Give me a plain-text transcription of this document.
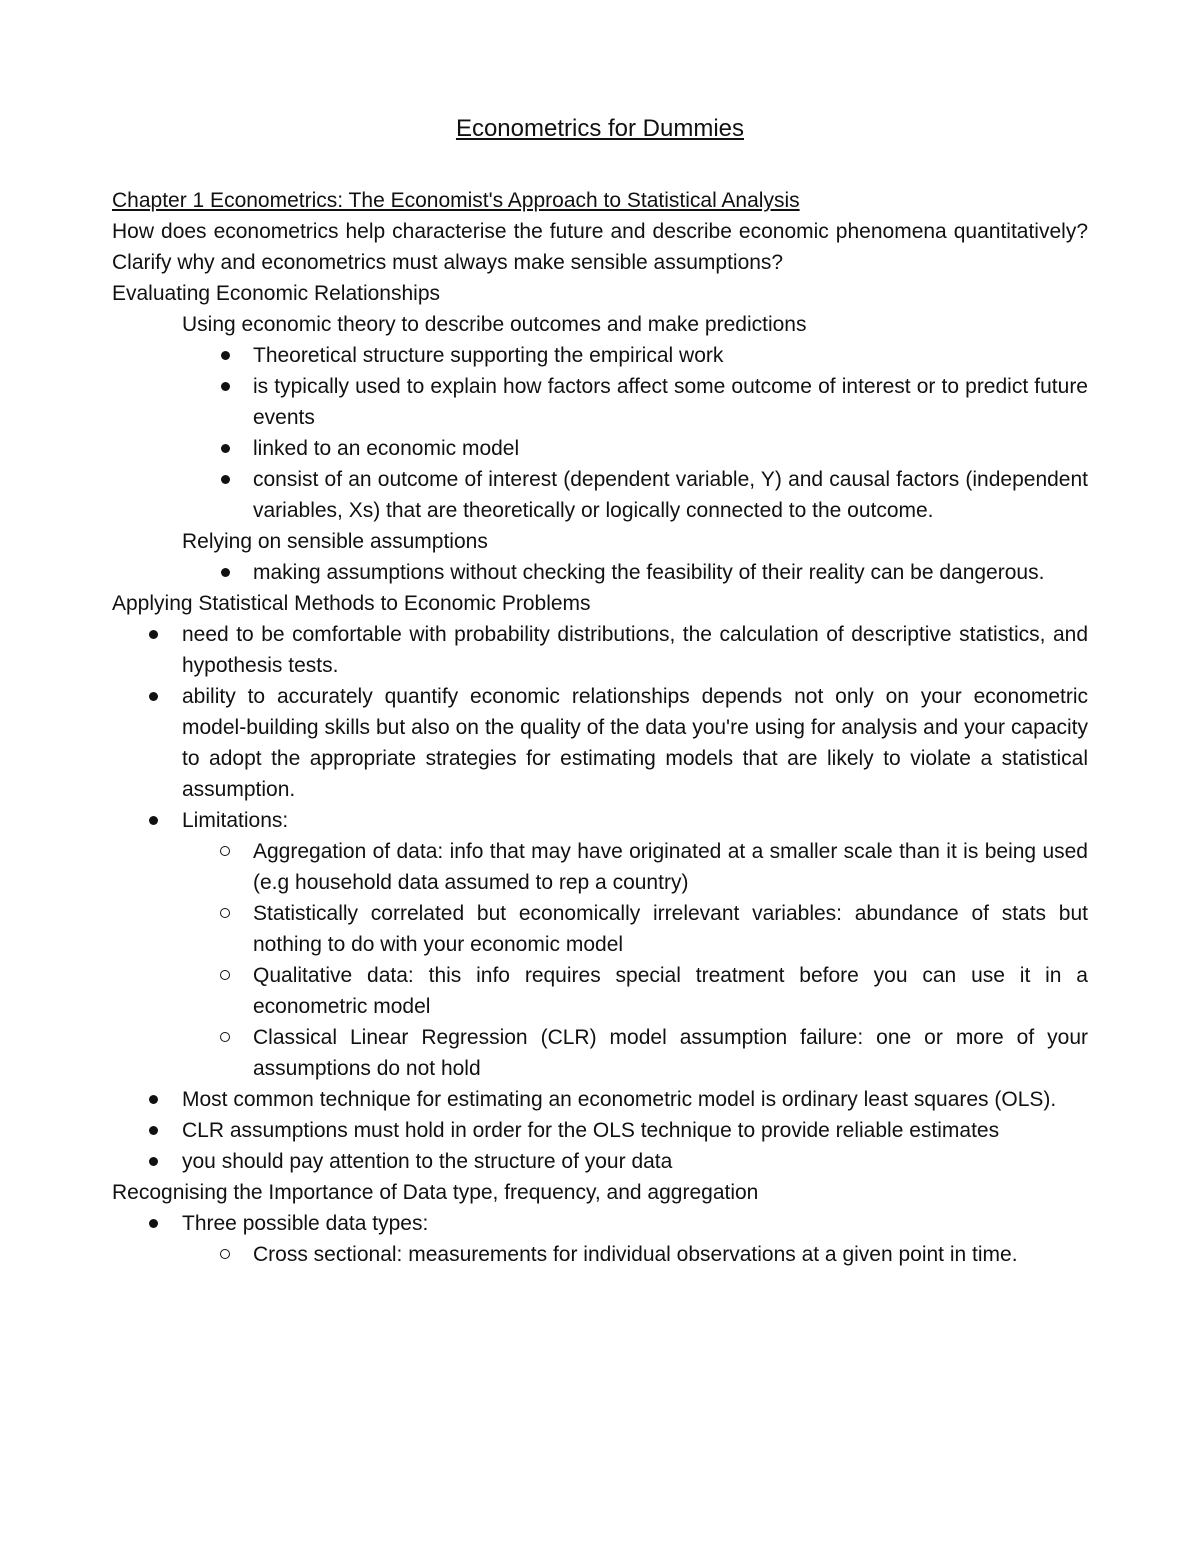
Econometrics for Dummies

Chapter 1 Econometrics: The Economist's Approach to Statistical Analysis

How does econometrics help characterise the future and describe economic phenomena quantitatively? Clarify why and econometrics must always make sensible assumptions?

Evaluating Economic Relationships

Using economic theory to describe outcomes and make predictions

Theoretical structure supporting the empirical work
is typically used to explain how factors affect some outcome of interest or to predict future events
linked to an economic model
consist of an outcome of interest (dependent variable, Y) and causal factors (independent variables, Xs) that are theoretically or logically connected to the outcome.

Relying on sensible assumptions

making assumptions without checking the feasibility of their reality can be dangerous.

Applying Statistical Methods to Economic Problems

need to be comfortable with probability distributions, the calculation of descriptive statistics, and hypothesis tests.
ability to accurately quantify economic relationships depends not only on your econometric model-building skills but also on the quality of the data you're using for analysis and your capacity to adopt the appropriate strategies for estimating models that are likely to violate a statistical assumption.
Limitations:
Aggregation of data: info that may have originated at a smaller scale than it is being used (e.g household data assumed to rep a country)
Statistically correlated but economically irrelevant variables: abundance of stats but nothing to do with your economic model
Qualitative data: this info requires special treatment before you can use it in a econometric model
Classical Linear Regression (CLR) model assumption failure: one or more of your assumptions do not hold
Most common technique for estimating an econometric model is ordinary least squares (OLS).
CLR assumptions must hold in order for the OLS technique to provide reliable estimates
you should pay attention to the structure of your data

Recognising the Importance of Data type, frequency, and aggregation

Three possible data types:
Cross sectional: measurements for individual observations at a given point in time.
